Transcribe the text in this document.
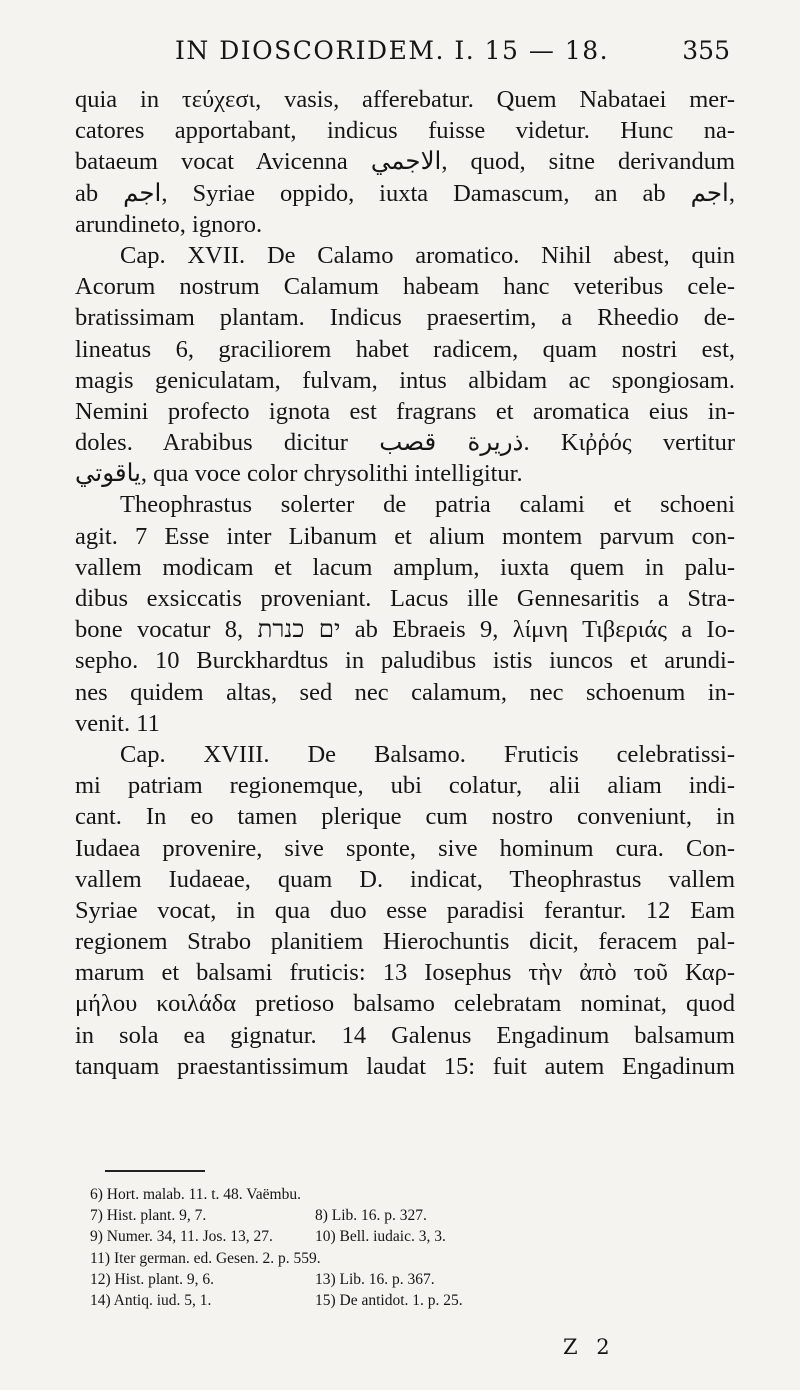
IN DIOSCORIDEM. I. 15 — 18.	355
quia in τεύχεσι, vasis, afferebatur. Quem Nabataei mer-
catores apportabant, indicus fuisse videtur. Hunc na-
bataeum vocat Avicenna الاجمي, quod, sitne derivandum
ab اجم, Syriae oppido, iuxta Damascum, an ab اجم,
arundineto, ignoro.
Cap. XVII. De Calamo aromatico. Nihil abest, quin
Acorum nostrum Calamum habeam hanc veteribus cele-
bratissimam plantam. Indicus praesertim, a Rheedio de-
lineatus 6, graciliorem habet radicem, quam nostri est,
magis geniculatam, fulvam, intus albidam ac spongiosam.
Nemini profecto ignota est fragrans et aromatica eius in-
doles. Arabibus dicitur ذريرة قصب. Κιῤῥός vertitur
ياقوتي, qua voce color chrysolithi intelligitur.
Theophrastus solerter de patria calami et schoeni
agit. 7 Esse inter Libanum et alium montem parvum con-
vallem modicam et lacum amplum, iuxta quem in palu-
dibus exsiccatis proveniant. Lacus ille Gennesaritis a Stra-
bone vocatur 8, ים כנרת ab Ebraeis 9, λίμνη Τιβεριάς a Io-
sepho. 10 Burckhardtus in paludibus istis iuncos et arundi-
nes quidem altas, sed nec calamum, nec schoenum in-
venit. 11
Cap. XVIII. De Balsamo. Fruticis celebratissi-
mi patriam regionemque, ubi colatur, alii aliam indi-
cant. In eo tamen plerique cum nostro conveniunt, in
Iudaea provenire, sive sponte, sive hominum cura. Con-
vallem Iudaeae, quam D. indicat, Theophrastus vallem
Syriae vocat, in qua duo esse paradisi ferantur. 12 Eam
regionem Strabo planitiem Hierochuntis dicit, feracem pal-
marum et balsami fruticis: 13 Iosephus τὴν ἀπὸ τοῦ Καρ-
μήλου κοιλάδα pretioso balsamo celebratam nominat, quod
in sola ea gignatur. 14 Galenus Engadinum balsamum
tanquam praestantissimum laudat 15: fuit autem Engadinum
6) Hort. malab. 11. t. 48. Vaëmbu.
7) Hist. plant. 9, 7.	8) Lib. 16. p. 327.
9) Numer. 34, 11. Jos. 13, 27.	10) Bell. iudaic. 3, 3.
11) Iter german. ed. Gesen. 2. p. 559.
12) Hist. plant. 9, 6.	13) Lib. 16. p. 367.
14) Antiq. iud. 5, 1.	15) De antidot. 1. p. 25.
Z 2
